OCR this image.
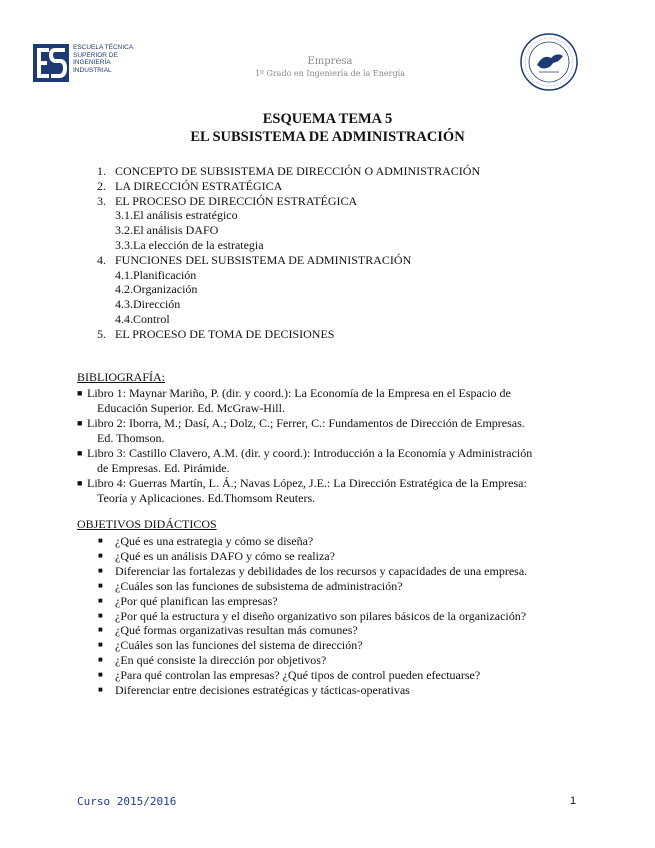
ESCUELA TÉCNICA
SUPERIOR DE
INGENIERÍA
INDUSTRIAL
Empresa
1º Grado en Ingeniería de la Energía
ESQUEMA TEMA 5
EL SUBSISTEMA DE ADMINISTRACIÓN
1. CONCEPTO DE SUBSISTEMA DE DIRECCIÓN O ADMINISTRACIÓN
2. LA DIRECCIÓN ESTRATÉGICA
3. EL PROCESO DE DIRECCIÓN ESTRATÉGICA
3.1.El análisis estratégico
3.2.El análisis DAFO
3.3.La elección de la estrategia
4. FUNCIONES DEL SUBSISTEMA DE ADMINISTRACIÓN
4.1.Planificación
4.2.Organización
4.3.Dirección
4.4.Control
5. EL PROCESO DE TOMA DE DECISIONES
BIBLIOGRAFÍA:
■ Libro 1: Maynar Mariño, P. (dir. y coord.): La Economía de la Empresa en el Espacio de
Educación Superior. Ed. McGraw-Hill.
■ Libro 2: Iborra, M.; Dasí, A.; Dolz, C.; Ferrer, C.: Fundamentos de Dirección de Empresas.
Ed. Thomson.
■ Libro 3: Castillo Clavero, A.M. (dir. y coord.): Introducción a la Economía y Administración
de Empresas. Ed. Pirámide.
■ Libro 4: Guerras Martín, L. Á.; Navas López, J.E.: La Dirección Estratégica de la Empresa:
Teoría y Aplicaciones. Ed.Thomsom Reuters.
OBJETIVOS DIDÁCTICOS
■ ¿Qué es una estrategia y cómo se diseña?
■ ¿Qué es un análisis DAFO y cómo se realiza?
■ Diferenciar las fortalezas y debilidades de los recursos y capacidades de una empresa.
■ ¿Cuáles son las funciones de subsistema de administración?
■ ¿Por qué planifican las empresas?
■ ¿Por qué la estructura y el diseño organizativo son pilares básicos de la organización?
■ ¿Qué formas organizativas resultan más comunes?
■ ¿Cuáles son las funciones del sistema de dirección?
■ ¿En qué consiste la dirección por objetivos?
■ ¿Para qué controlan las empresas? ¿Qué tipos de control pueden efectuarse?
■ Diferenciar entre decisiones estratégicas y tácticas-operativas
Curso 2015/2016	1
